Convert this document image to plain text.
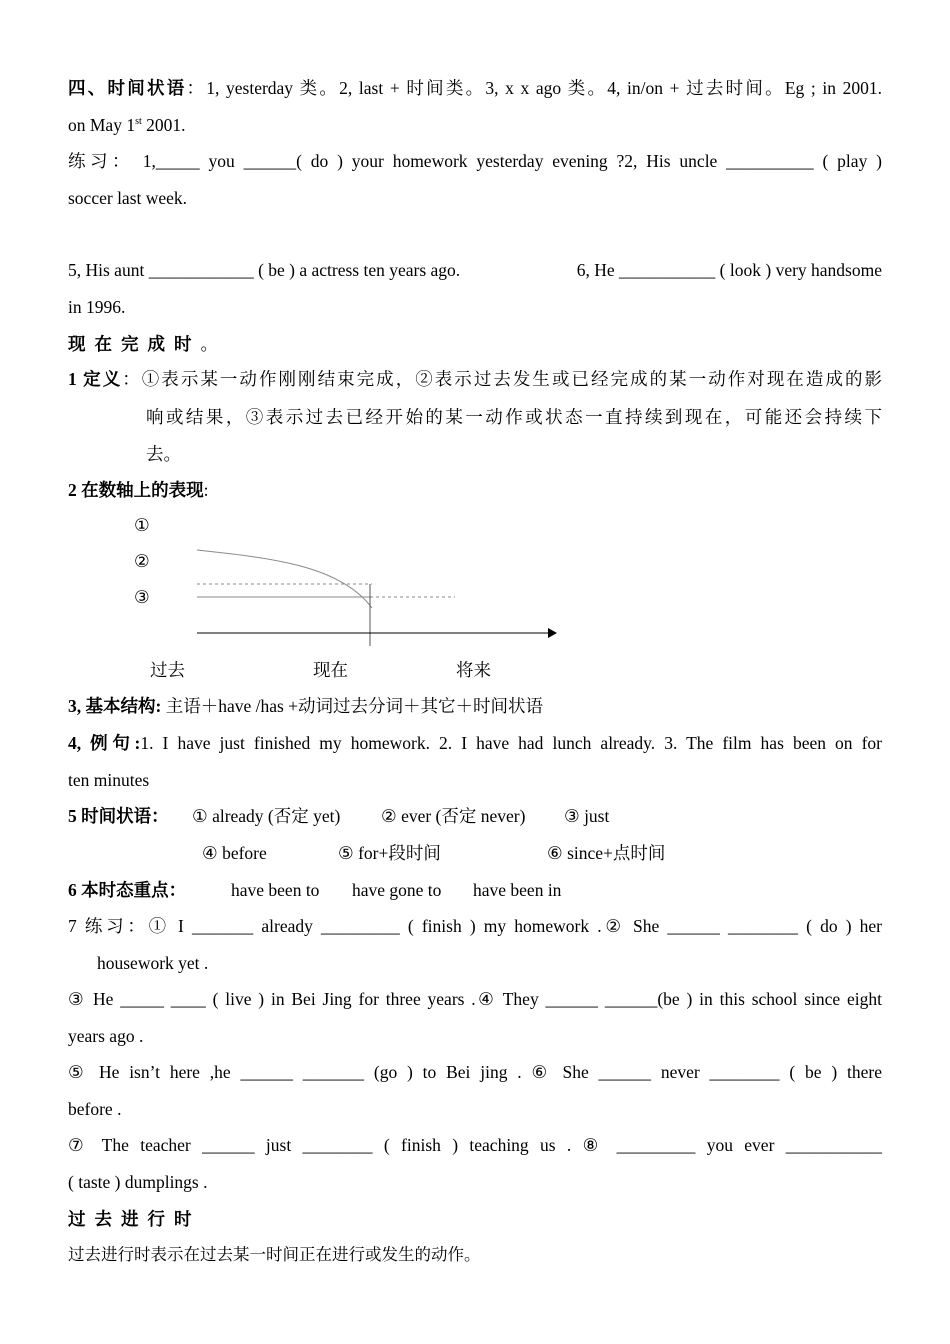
四、时间状语：1, yesterday 类。2, last + 时间类。3, x x ago 类。4, in/on + 过去时间。Eg ; in 2001.
on May 1st 2001.
练习： 1,_____ you ______( do ) your homework yesterday evening ?2, His uncle __________ ( play )
soccer last week.
5, His aunt ____________ ( be ) a actress ten years ago.	6, He ___________ ( look ) very handsome
in 1996.
现在完成时。
1 定义：①表示某一动作刚刚结束完成，②表示过去发生或已经完成的某一动作对现在造成的影
响或结果，③表示过去已经开始的某一动作或状态一直持续到现在，可能还会持续下
去。
2 在数轴上的表现:
①
②
③
过去	现在	将来
3, 基本结构: 主语＋have /has +动词过去分词＋其它＋时间状语
4, 例句:1. I have just finished my homework. 2. I have had lunch already. 3. The film has been on for
ten minutes
5 时间状语： ① already (否定 yet) ② ever (否定 never) ③ just
④ before	⑤ for+段时间	⑥ since+点时间
6 本时态重点：	have been to have gone to have been in
7 练习：① I _______ already _________ ( finish ) my homework .② She ______ ________ ( do ) her
housework yet .
③ He _____ ____ ( live ) in Bei Jing for three years .④ They ______ ______(be ) in this school since eight
years ago .
⑤ He isn’t here ,he ______ _______ (go ) to Bei jing . ⑥ She ______ never ________ ( be ) there
before .
⑦ The teacher ______ just ________ ( finish ) teaching us . ⑧ _________ you ever ___________
( taste ) dumplings .
过去进行时
过去进行时表示在过去某一时间正在进行或发生的动作。
